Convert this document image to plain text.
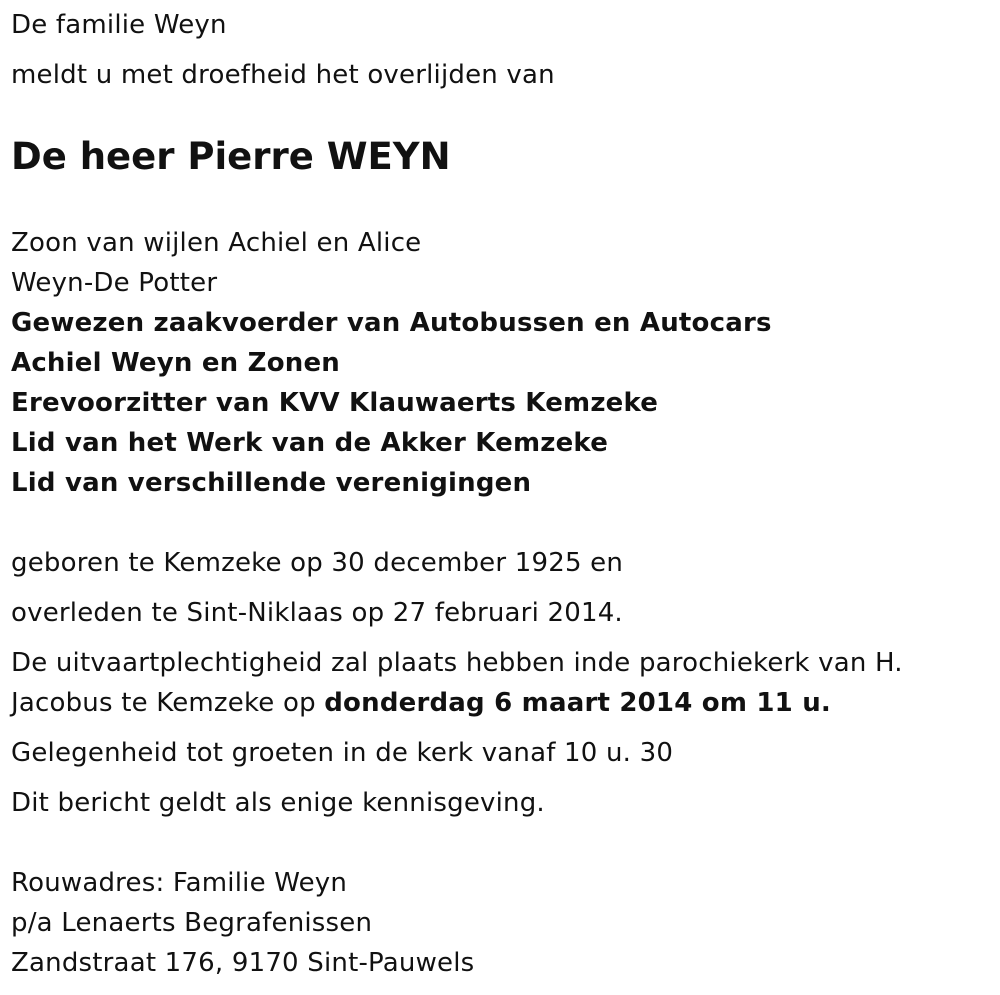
De familie Weyn
meldt u met droefheid het overlijden van
De heer Pierre WEYN
Zoon van wijlen Achiel en Alice
Weyn-De Potter
Gewezen zaakvoerder van Autobussen en Autocars
Achiel Weyn en Zonen
Erevoorzitter van KVV Klauwaerts Kemzeke
Lid van het Werk van de Akker Kemzeke
Lid van verschillende verenigingen
geboren te Kemzeke op 30 december 1925 en
overleden te Sint-Niklaas op 27 februari 2014.
De uitvaartplechtigheid zal plaats hebben inde parochiekerk van H.
Jacobus te Kemzeke op donderdag 6 maart 2014 om 11 u.
Gelegenheid tot groeten in de kerk vanaf 10 u. 30
Dit bericht geldt als enige kennisgeving.
Rouwadres: Familie Weyn
p/a Lenaerts Begrafenissen
Zandstraat 176, 9170 Sint-Pauwels
